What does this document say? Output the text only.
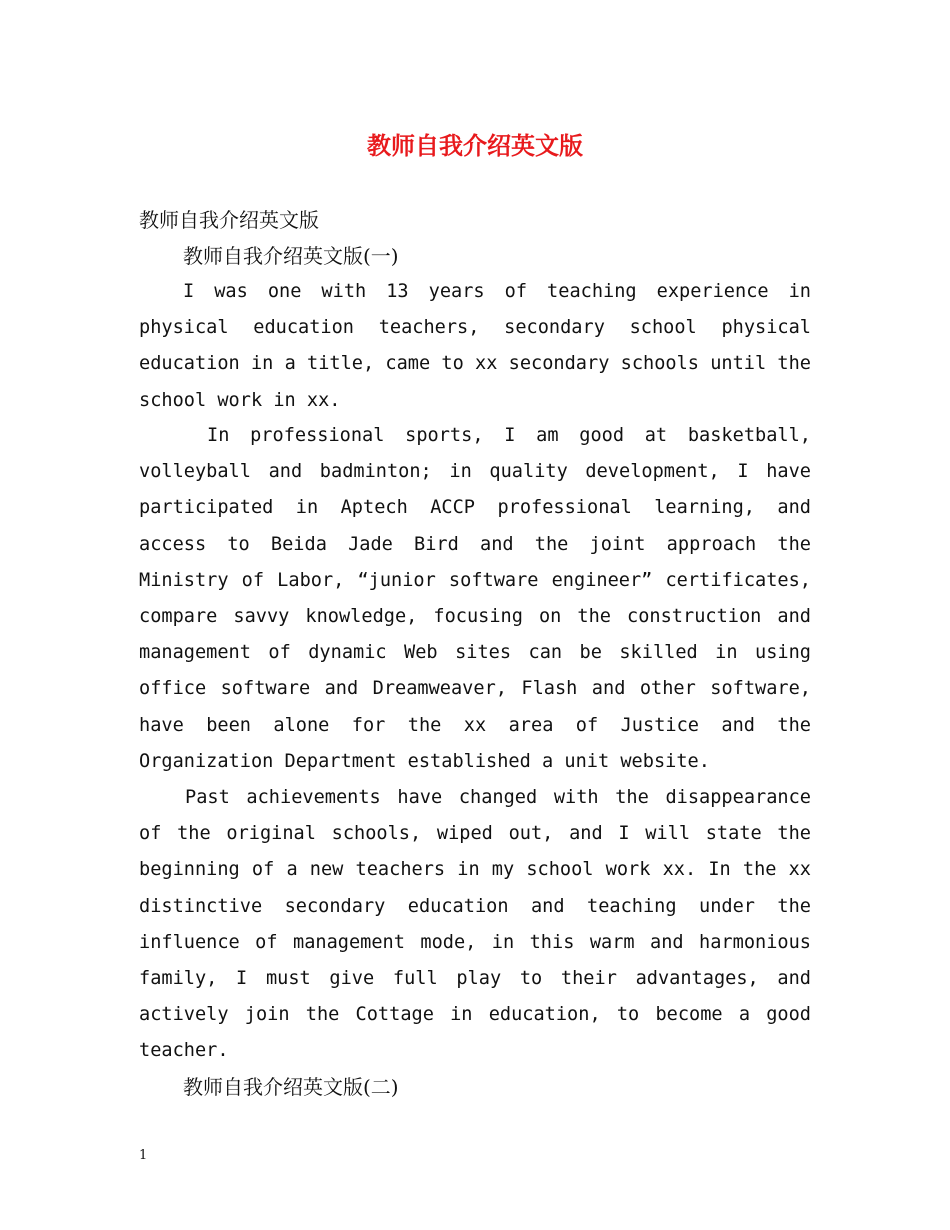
教师自我介绍英文版
教师自我介绍英文版
教师自我介绍英文版(一)
I was one with 13 years of teaching experience in physical education teachers, secondary school physical education in a title, came to xx secondary schools until the school work in xx.
In professional sports, I am good at basketball, volleyball and badminton; in quality development, I have participated in Aptech ACCP professional learning, and access to Beida Jade Bird and the joint approach the Ministry of Labor, “junior software engineer” certificates, compare savvy knowledge, focusing on the construction and management of dynamic Web sites can be skilled in using office software and Dreamweaver, Flash and other software, have been alone for the xx area of Justice and the Organization Department established a unit website.
Past achievements have changed with the disappearance of the original schools, wiped out, and I will state the beginning of a new teachers in my school work xx. In the xx distinctive secondary education and teaching under the influence of management mode, in this warm and harmonious family, I must give full play to their advantages, and actively join the Cottage in education, to become a good teacher.
教师自我介绍英文版(二)
1
